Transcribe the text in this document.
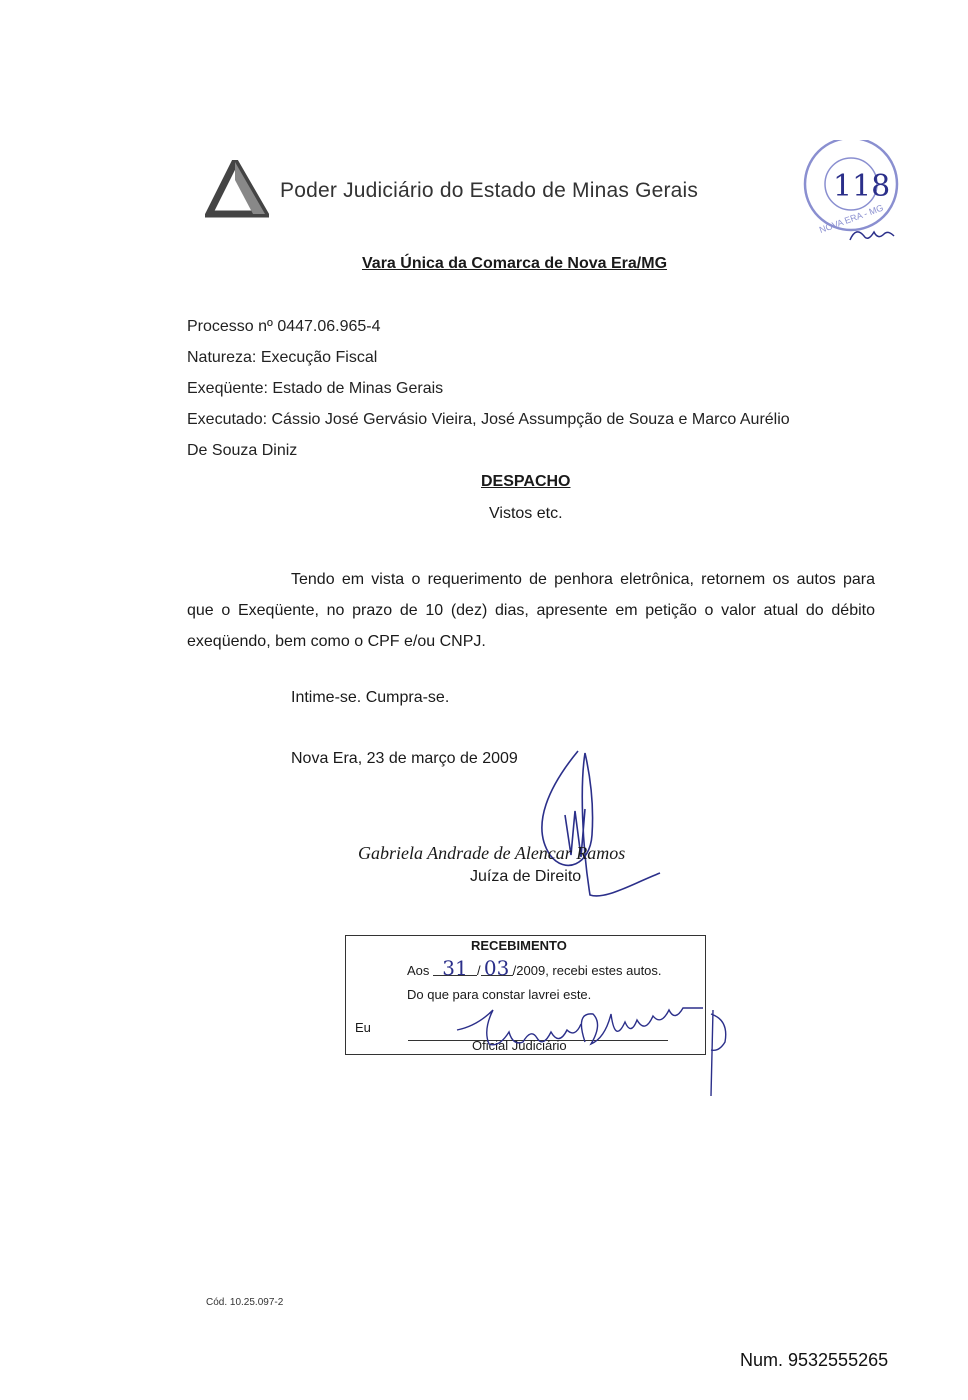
Poder Judiciário do Estado de Minas Gerais	118
NOVA ERA - MG
Vara Única da Comarca de Nova Era/MG
Processo nº 0447.06.965-4
Natureza: Execução Fiscal
Exeqüente: Estado de Minas Gerais
Executado: Cássio José Gervásio Vieira, José Assumpção de Souza e Marco Aurélio
De Souza Diniz
DESPACHO
Vistos etc.

Tendo em vista o requerimento de penhora eletrônica, retornem os autos para que o Exeqüente, no prazo de 10 (dez) dias, apresente em petição o valor atual do débito exeqüendo, bem como o CPF e/ou CNPJ.

Intime-se. Cumpra-se.
Nova Era, 23 de março de 2009
Gabriela Andrade de Alencar Ramos
Juíza de Direito
RECEBIMENTO
Aos 31 / 03 /2009, recebi estes autos.
Do que para constar lavrei este.
Eu
Oficial Judiciário
Cód. 10.25.097-2
Num. 9532555265
